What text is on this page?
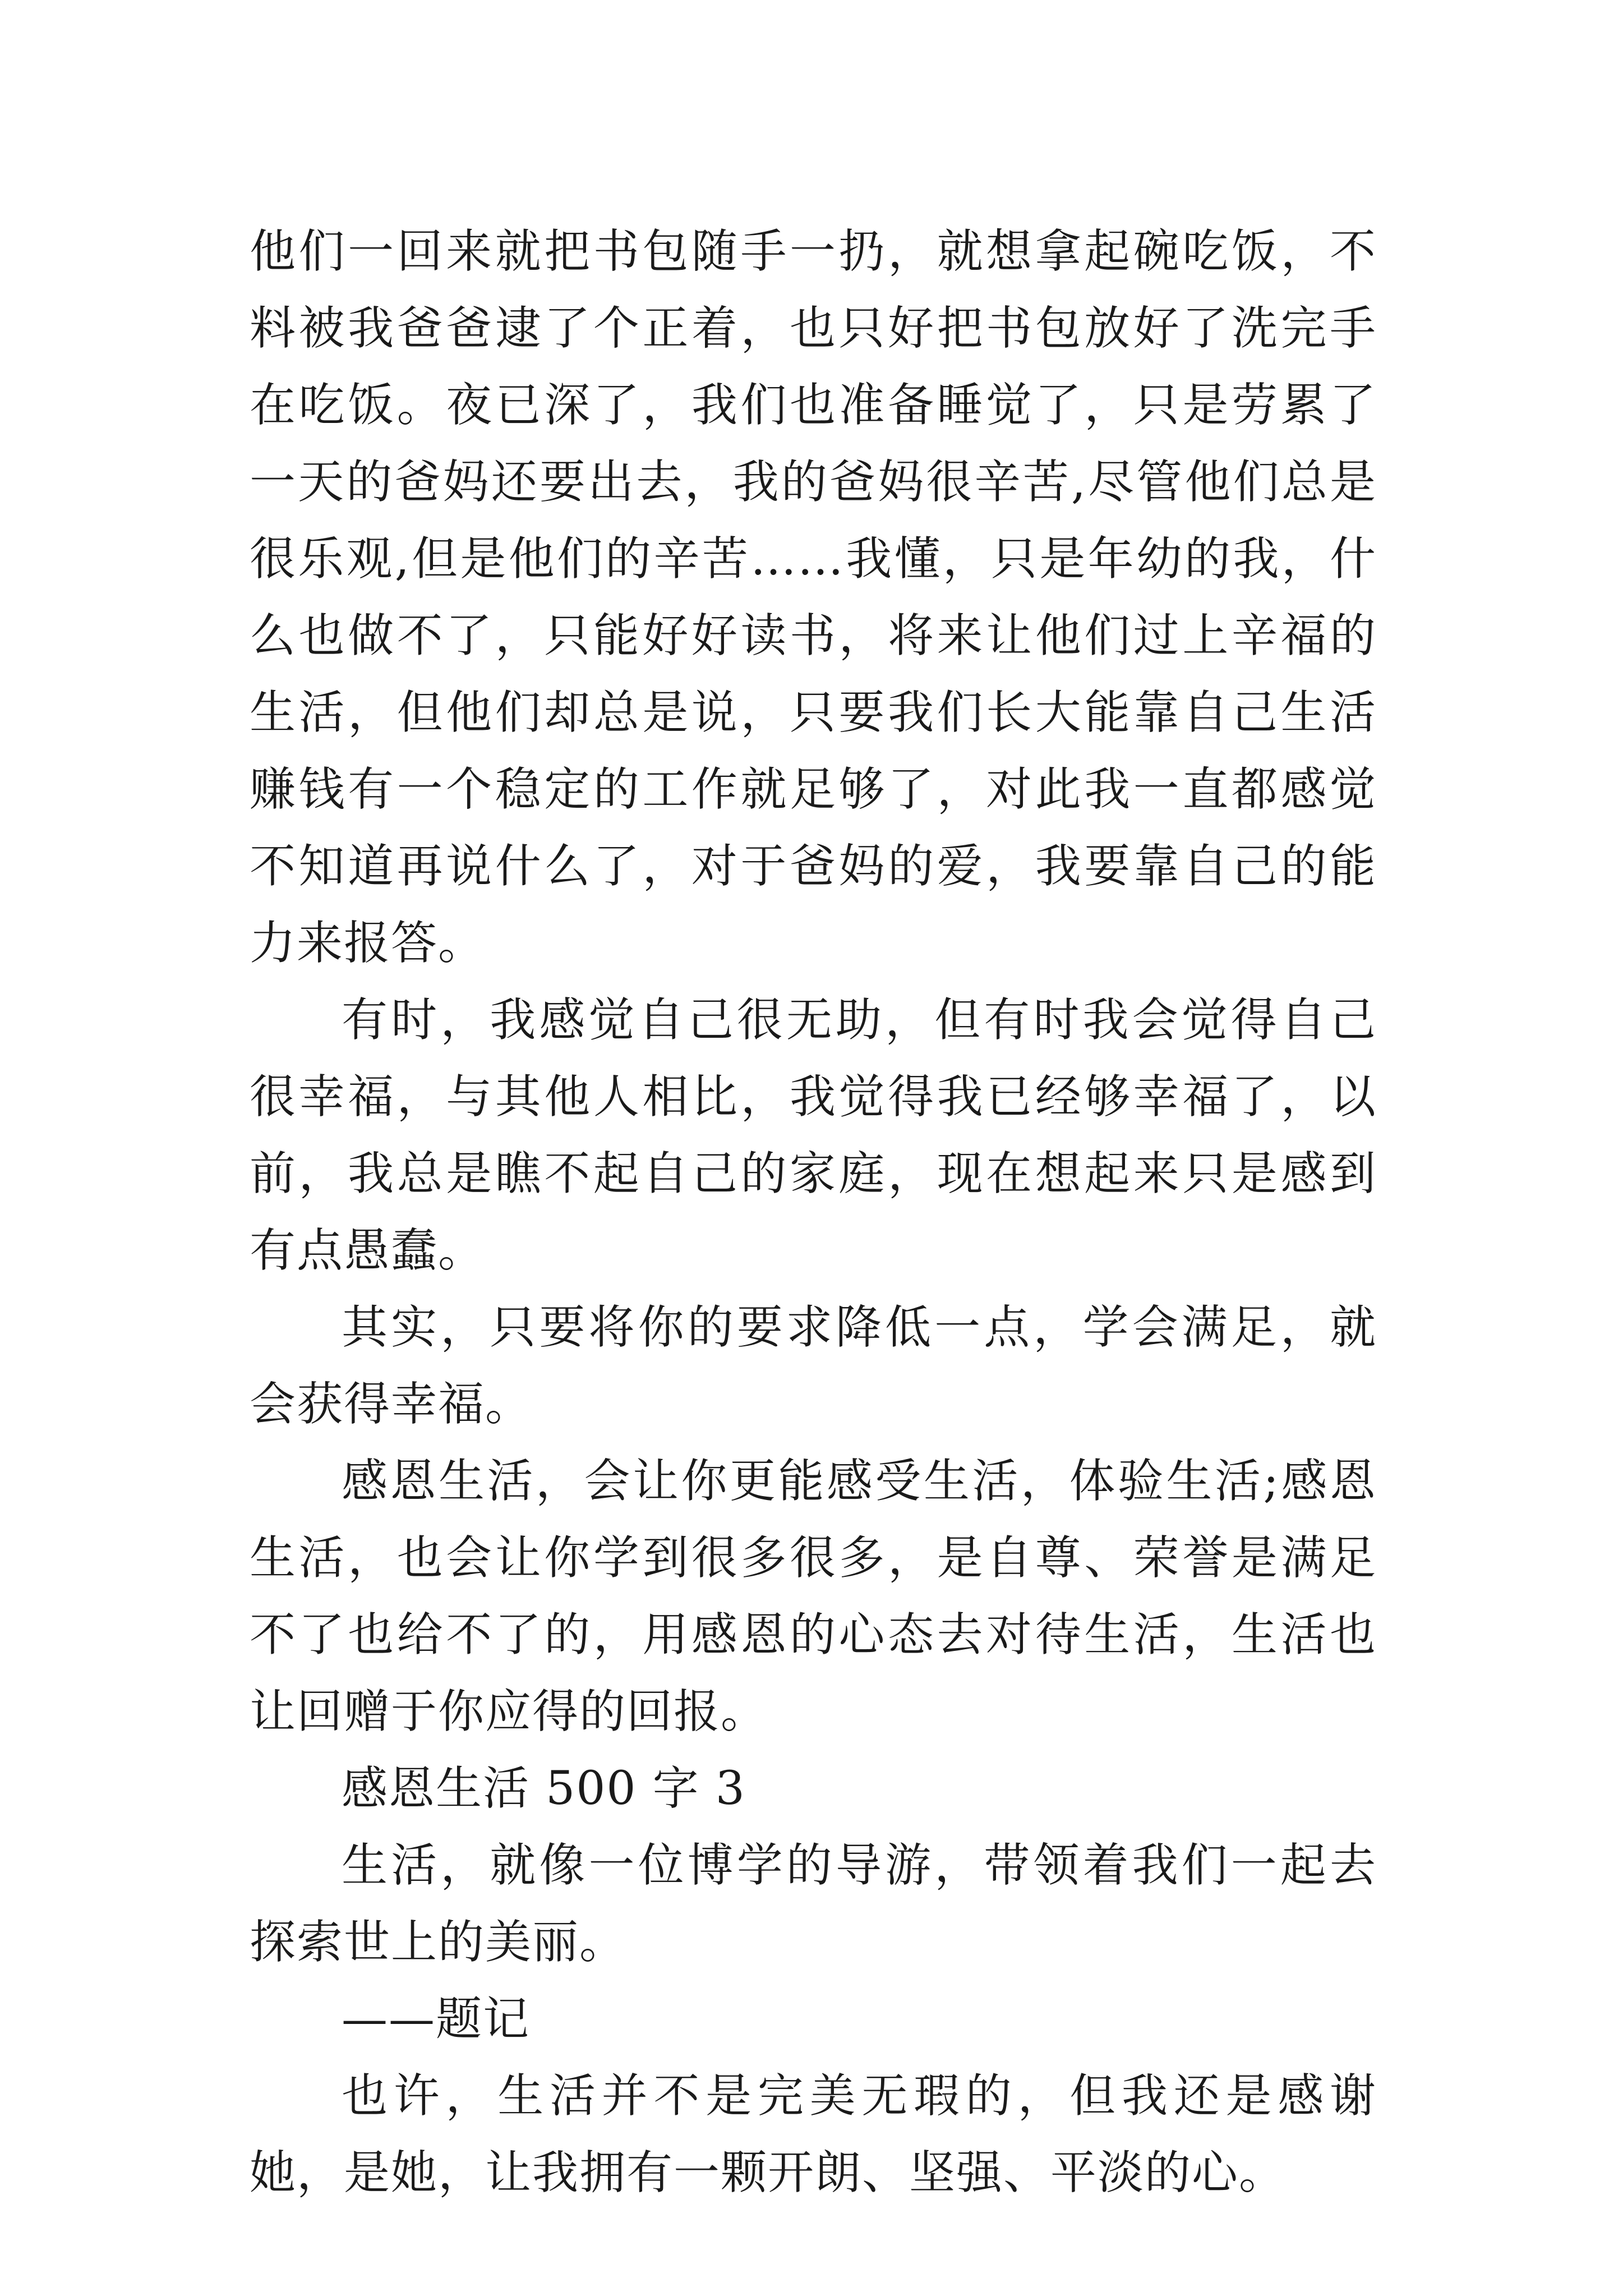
他们一回来就把书包随手一扔，就想拿起碗吃饭，不料被我爸爸逮了个正着，也只好把书包放好了洗完手在吃饭。夜已深了，我们也准备睡觉了，只是劳累了一天的爸妈还要出去，我的爸妈很辛苦,尽管他们总是很乐观,但是他们的辛苦……我懂，只是年幼的我，什么也做不了，只能好好读书，将来让他们过上辛福的生活，但他们却总是说，只要我们长大能靠自己生活赚钱有一个稳定的工作就足够了，对此我一直都感觉不知道再说什么了，对于爸妈的爱，我要靠自己的能力来报答。

有时，我感觉自己很无助，但有时我会觉得自己很幸福，与其他人相比，我觉得我已经够幸福了，以前，我总是瞧不起自己的家庭，现在想起来只是感到有点愚蠢。

其实，只要将你的要求降低一点，学会满足，就会获得幸福。

感恩生活，会让你更能感受生活，体验生活;感恩生活，也会让你学到很多很多，是自尊、荣誉是满足不了也给不了的，用感恩的心态去对待生活，生活也让回赠于你应得的回报。

感恩生活 500 字 3

生活，就像一位博学的导游，带领着我们一起去探索世上的美丽。

——题记

也许，生活并不是完美无瑕的，但我还是感谢她，是她，让我拥有一颗开朗、坚强、平淡的心。
